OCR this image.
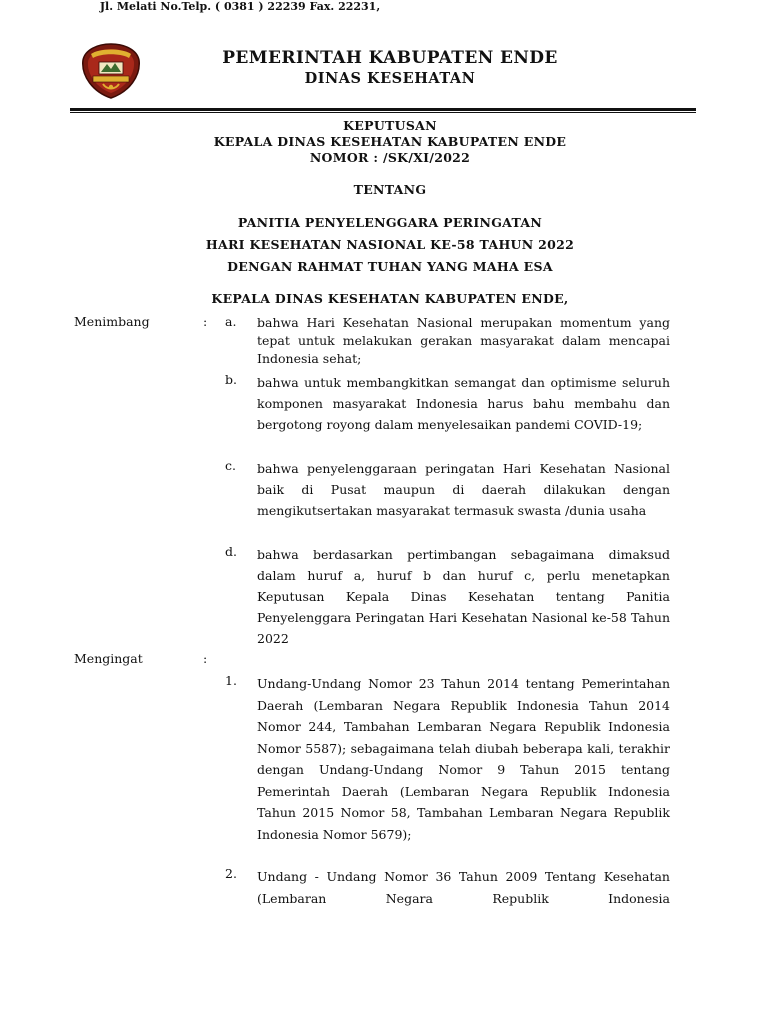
PEMERINTAH KABUPATEN ENDE
DINAS KESEHATAN
Jl. Melati No.Telp. ( 0381 ) 22239 Fax. 22231,
KEPUTUSAN
KEPALA DINAS KESEHATAN KABUPATEN ENDE
NOMOR : /SK/XI/2022
TENTANG
PANITIA PENYELENGGARA PERINGATAN
HARI KESEHATAN NASIONAL KE-58 TAHUN 2022
DENGAN RAHMAT TUHAN YANG MAHA ESA
KEPALA DINAS KESEHATAN KABUPATEN ENDE,
Menimbang	: a.	bahwa Hari Kesehatan Nasional merupakan momentum yang tepat untuk melakukan gerakan masyarakat dalam mencapai Indonesia sehat;
b.	bahwa untuk membangkitkan semangat dan optimisme seluruh komponen masyarakat Indonesia harus bahu membahu dan bergotong royong dalam menyelesaikan pandemi COVID-19;
c.	bahwa penyelenggaraan peringatan Hari Kesehatan Nasional baik di Pusat maupun di daerah dilakukan dengan mengikutsertakan masyarakat termasuk swasta /dunia usaha
d.	bahwa berdasarkan pertimbangan sebagaimana dimaksud dalam huruf a, huruf b dan huruf c, perlu menetapkan Keputusan Kepala Dinas Kesehatan tentang Panitia Penyelenggara Peringatan Hari Kesehatan Nasional ke-58 Tahun 2022
Mengingat	:
1.	Undang-Undang Nomor 23 Tahun 2014 tentang Pemerintahan Daerah (Lembaran Negara Republik Indonesia Tahun 2014 Nomor 244, Tambahan Lembaran Negara Republik Indonesia Nomor 5587); sebagaimana telah diubah beberapa kali, terakhir dengan Undang-Undang Nomor 9 Tahun 2015 tentang Pemerintah Daerah (Lembaran Negara Republik Indonesia Tahun 2015 Nomor 58, Tambahan Lembaran Negara Republik Indonesia Nomor 5679);
2.	Undang - Undang Nomor 36 Tahun 2009 Tentang Kesehatan (Lembaran Negara Republik Indonesia
